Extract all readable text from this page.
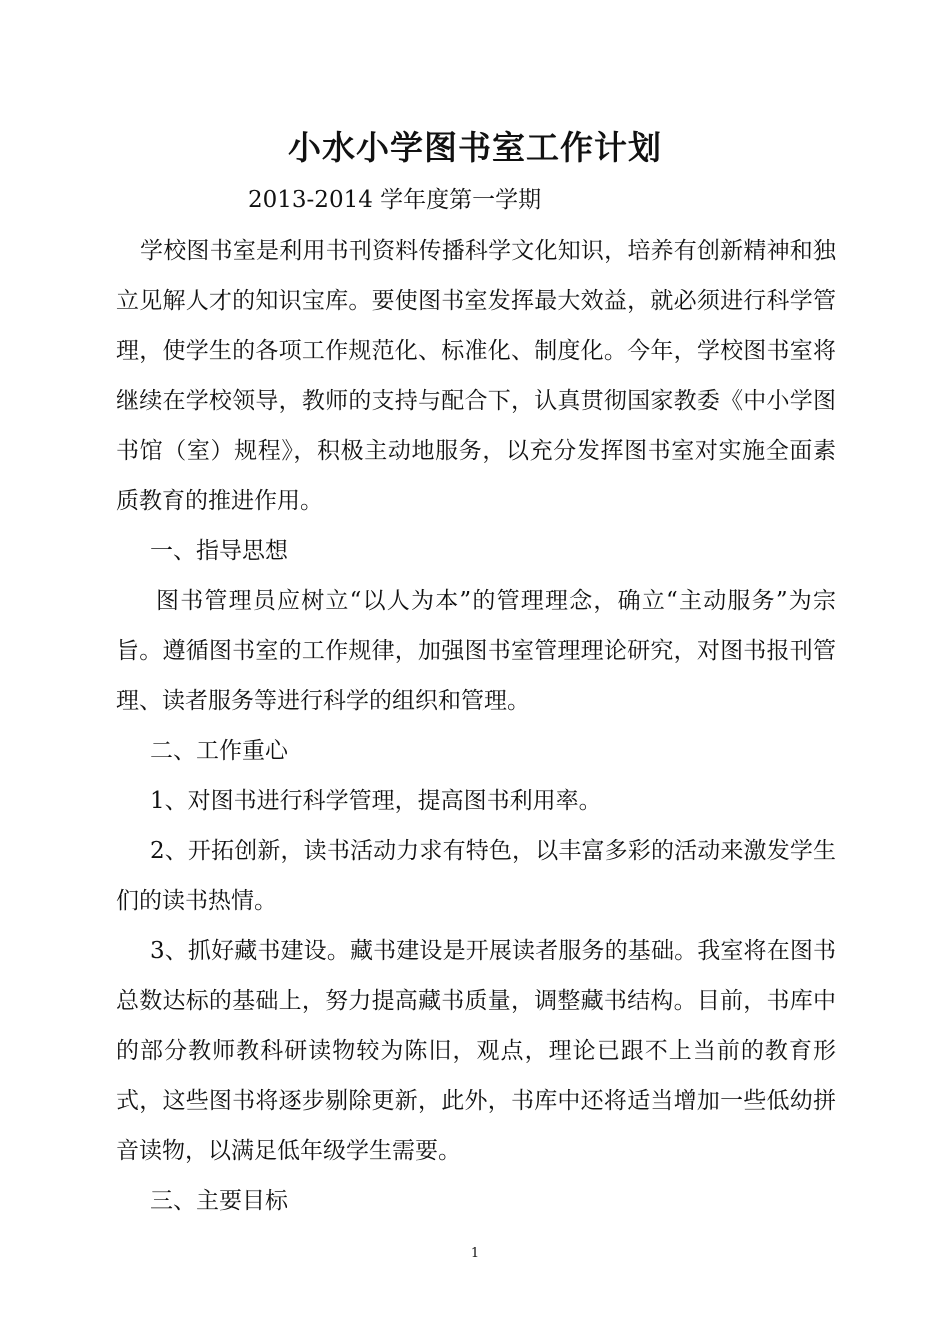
小水小学图书室工作计划
2013-2014 学年度第一学期

学校图书室是利用书刊资料传播科学文化知识，培养有创新精神和独立见解人才的知识宝库。要使图书室发挥最大效益，就必须进行科学管理，使学生的各项工作规范化、标准化、制度化。今年，学校图书室将继续在学校领导，教师的支持与配合下，认真贯彻国家教委《中小学图书馆（室）规程》，积极主动地服务，以充分发挥图书室对实施全面素质教育的推进作用。

一、指导思想

图书管理员应树立“以人为本”的管理理念，确立“主动服务”为宗旨。遵循图书室的工作规律，加强图书室管理理论研究，对图书报刊管理、读者服务等进行科学的组织和管理。

二、工作重心

1、对图书进行科学管理，提高图书利用率。

2、开拓创新，读书活动力求有特色，以丰富多彩的活动来激发学生们的读书热情。

3、抓好藏书建设。藏书建设是开展读者服务的基础。我室将在图书总数达标的基础上，努力提高藏书质量，调整藏书结构。目前，书库中的部分教师教科研读物较为陈旧，观点，理论已跟不上当前的教育形式，这些图书将逐步剔除更新，此外，书库中还将适当增加一些低幼拼音读物，以满足低年级学生需要。

三、主要目标

1
